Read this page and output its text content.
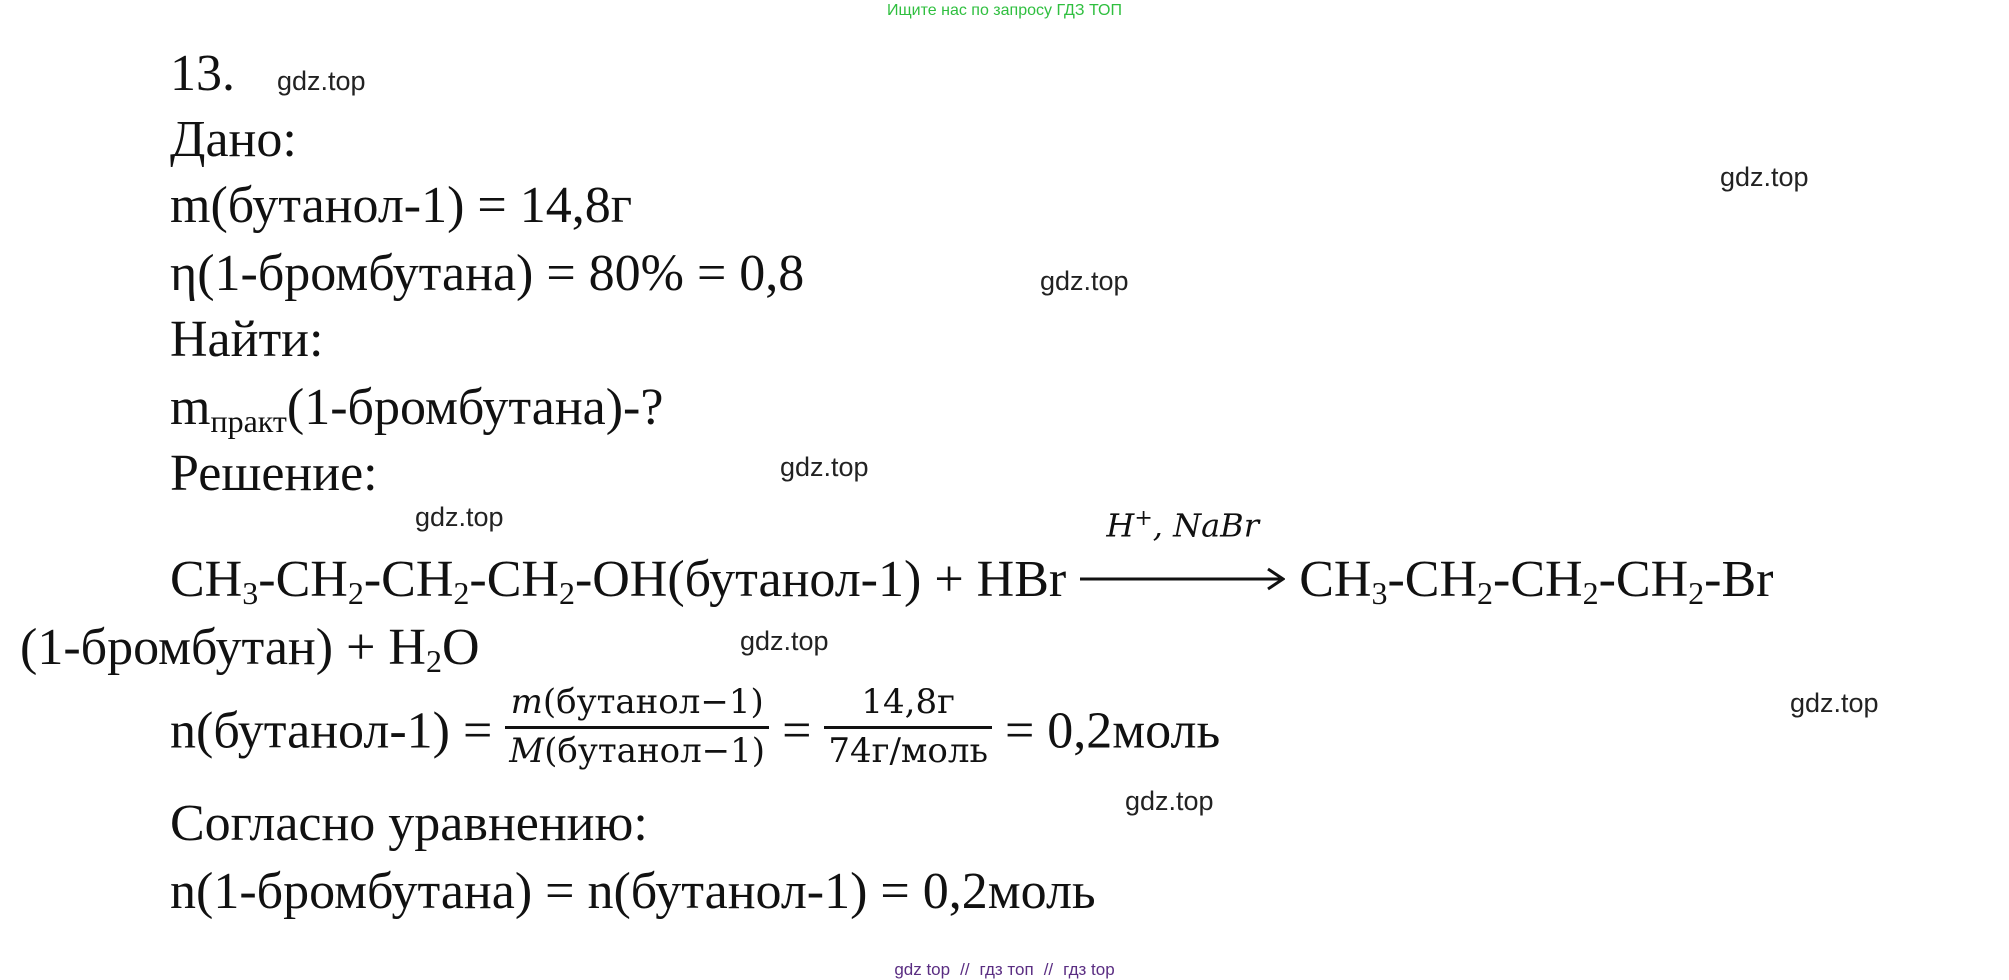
Ищите нас по запросу ГДЗ ТОП
13.
Дано:
m(бутанол-1) = 14,8г
η(1-бромбутана) = 80% = 0,8
Найти:
$m_{практ}(1-бромбутана)-$?
Решение:
$CH_3-CH_2-CH_2-CH_2-OH(бутанол-1)$ + HBr
H+, NaBr
$CH_3-CH_2-CH_2-CH_2-Br$
(1-бромбутан) + $H_2O$
n(бутанол-1) = $\frac{\text{m(бутанол−1)}}{\text{M(бутанол−1)}} = \frac{14,8г}{\text{74г/моль}}$ = 0,2моль
Согласно уравнению:
n(1-бромбутана) = n(бутанол-1) = 0,2моль
gdz.top
gdz.top
gdz.top
gdz.top
gdz.top
gdz.top
gdz.top
gdz.top
gdz top // гдз топ // гдз top
